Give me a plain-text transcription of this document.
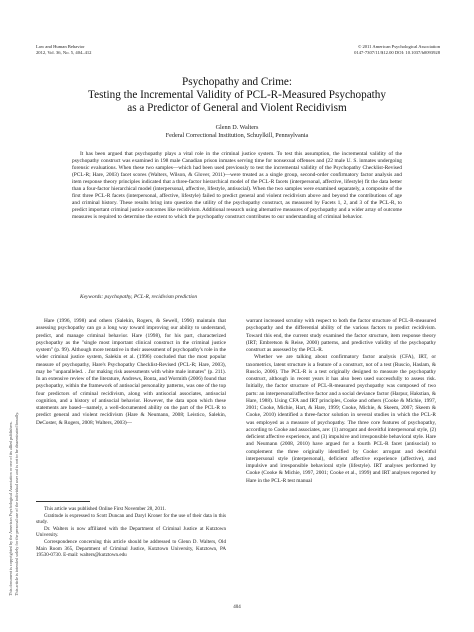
Law and Human Behavior
2012, Vol. 36, No. 5, 404–412
© 2011 American Psychological Association
0147-7307/11/$12.00 DOI: 10.1037/h0093928
This document is copyrighted by the American Psychological Association or one of its allied publishers. This article is intended solely for the personal use of the individual user and is not to be disseminated broadly.
Psychopathy and Crime:
Testing the Incremental Validity of PCL-R-Measured Psychopathy
as a Predictor of General and Violent Recidivism
Glenn D. Walters
Federal Correctional Institution, Schuylkill, Pennsylvania
It has been argued that psychopathy plays a vital role in the criminal justice system. To test this assumption, the incremental validity of the psychopathy construct was examined in 198 male Canadian prison inmates serving time for nonsexual offenses and (22 male U. S. inmates undergoing forensic evaluations. When these two samples—which had been used previously to test the incremental validity of the Psychopathy Checklist-Revised (PCL-R; Hare, 2003) facet scores (Walters, Wilson, & Glover, 2011)—were treated as a single group, second-order confirmatory factor analysis and item response theory principles indicated that a three-factor hierarchical model of the PCL-R facets (interpersonal, affective, lifestyle) fit the data better than a four-factor hierarchical model (interpersonal, affective, lifestyle, antisocial). When the two samples were examined separately, a composite of the first three PCL-R facets (interpersonal, affective, lifestyle) failed to predict general and violent recidivism above and beyond the contributions of age and criminal history. These results bring into question the utility of the psychopathy construct, as measured by Facets 1, 2, and 3 of the PCL-R, to predict important criminal justice outcomes like recidivism. Additional research using alternative measures of psychopathy and a wider array of outcome measures is required to determine the extent to which the psychopathy construct contributes to our understanding of criminal behavior.
Keywords: psychopathy, PCL-R, recidivism prediction

Hare (1996, 1998) and others (Salekin, Rogers, & Sewell, 1996) maintain that assessing psychopathy can go a long way toward improving our ability to understand, predict, and manage criminal behavior. Hare (1998), for his part, characterized psychopathy as the "single most important clinical construct in the criminal justice system" (p. 99). Although more tentative in their assessment of psychopathy's role in the wider criminal justice system, Salekin et al. (1996) concluded that the most popular measure of psychopathy, Hare's Psychopathy Checklist-Revised (PCL-R; Hare, 2003), may be "unparalleled. . .for making risk assessments with white male inmates" (p. 211). In an extensive review of the literature, Andrews, Bonta, and Wormith (2006) found that psychopathy, within the framework of antisocial personality patterns, was one of the top four predictors of criminal recidivism, along with antisocial associates, antisocial cognition, and a history of antisocial behavior. However, the data upon which these statements are based—namely, a well-documented ability on the part of the PCL-R to predict general and violent recidivism (Hare & Neumann, 2008; Leistico, Salekin, DeCoster, & Rogers, 2008; Walters, 2003)—

This article was published Online First November 28, 2011.

Gratitude is expressed to Scott Duncan and Daryl Kroner for the use of their data in this study.

Dr. Walters is now affiliated with the Department of Criminal Justice at Kutztown University.

Correspondence concerning this article should be addressed to Glenn D. Walters, Old Main Room 365, Department of Criminal Justice, Kutztown University, Kutztown, PA 19530-0730. E-mail: walters@kutztown.edu

warrant increased scrutiny with respect to both the factor structure of PCL-R-measured psychopathy and the differential ability of the various factors to predict recidivism. Toward this end, the current study examined the factor structure, item response theory (IRT; Embretson & Reise, 2000) patterns, and predictive validity of the psychopathy construct as assessed by the PCL-R.

Whether we are talking about confirmatory factor analysis (CFA), IRT, or taxometrics, latent structure is a feature of a construct, not of a test (Ruscio, Haslam, & Ruscio, 2006). The PCL-R is a test originally designed to measure the psychopathy construct, although in recent years it has also been used successfully to assess risk. Initially, the factor structure of PCL-R-measured psychopathy was composed of two parts: an interpersonal/affective factor and a social deviance factor (Harpur, Hakstian, & Hare, 1988). Using CFA and IRT principles, Cooke and others (Cooke & Michie, 1997, 2001; Cooke, Michie, Hart, & Hare, 1999; Cooke, Michie, & Skeem, 2007; Skeem & Cooke, 2010) identified a three-factor solution in several studies in which the PCL-R was employed as a measure of psychopathy. The three core features of psychopathy, according to Cooke and associates, are: (1) arrogant and deceitful interpersonal style, (2) deficient affective experience, and (3) impulsive and irresponsible behavioral style. Hare and Neumann (2008, 2010) have argued for a fourth PCL-R facet (antisocial) to complement the three originally identified by Cooke: arrogant and deceitful interpersonal style (interpersonal), deficient affective experience (affective), and impulsive and irresponsible behavioral style (lifestyle). IRT analyses performed by Cooke (Cooke & Michie, 1997, 2001; Cooke et al., 1999) and IRT analyses reported by Hare in the PCL-R test manual

404
